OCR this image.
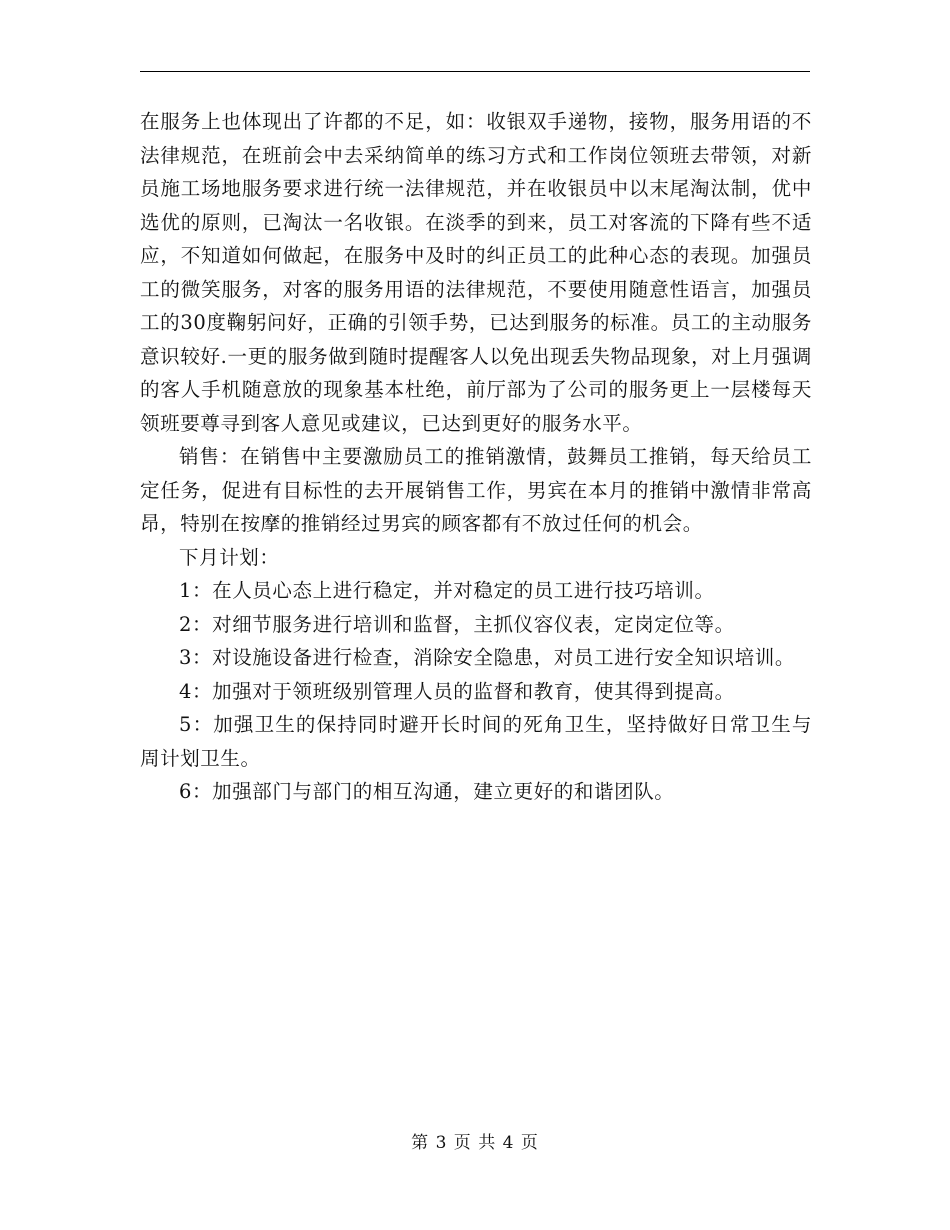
在服务上也体现出了许都的不足，如：收银双手递物，接物，服务用语的不法律规范，在班前会中去采纳简单的练习方式和工作岗位领班去带领，对新员施工场地服务要求进行统一法律规范，并在收银员中以末尾淘汰制，优中选优的原则，已淘汰一名收银。在淡季的到来，员工对客流的下降有些不适应，不知道如何做起，在服务中及时的纠正员工的此种心态的表现。加强员工的微笑服务，对客的服务用语的法律规范，不要使用随意性语言，加强员工的30度鞠躬问好，正确的引领手势，已达到服务的标准。员工的主动服务意识较好.一更的服务做到随时提醒客人以免出现丢失物品现象，对上月强调的客人手机随意放的现象基本杜绝，前厅部为了公司的服务更上一层楼每天领班要尊寻到客人意见或建议，已达到更好的服务水平。

销售：在销售中主要激励员工的推销激情，鼓舞员工推销，每天给员工定任务，促进有目标性的去开展销售工作，男宾在本月的推销中激情非常高昂，特别在按摩的推销经过男宾的顾客都有不放过任何的机会。

下月计划：

1：在人员心态上进行稳定，并对稳定的员工进行技巧培训。

2：对细节服务进行培训和监督，主抓仪容仪表，定岗定位等。

3：对设施设备进行检查，消除安全隐患，对员工进行安全知识培训。

4：加强对于领班级别管理人员的监督和教育，使其得到提高。

5：加强卫生的保持同时避开长时间的死角卫生，坚持做好日常卫生与周计划卫生。

6：加强部门与部门的相互沟通，建立更好的和谐团队。

第 3 页 共 4 页
